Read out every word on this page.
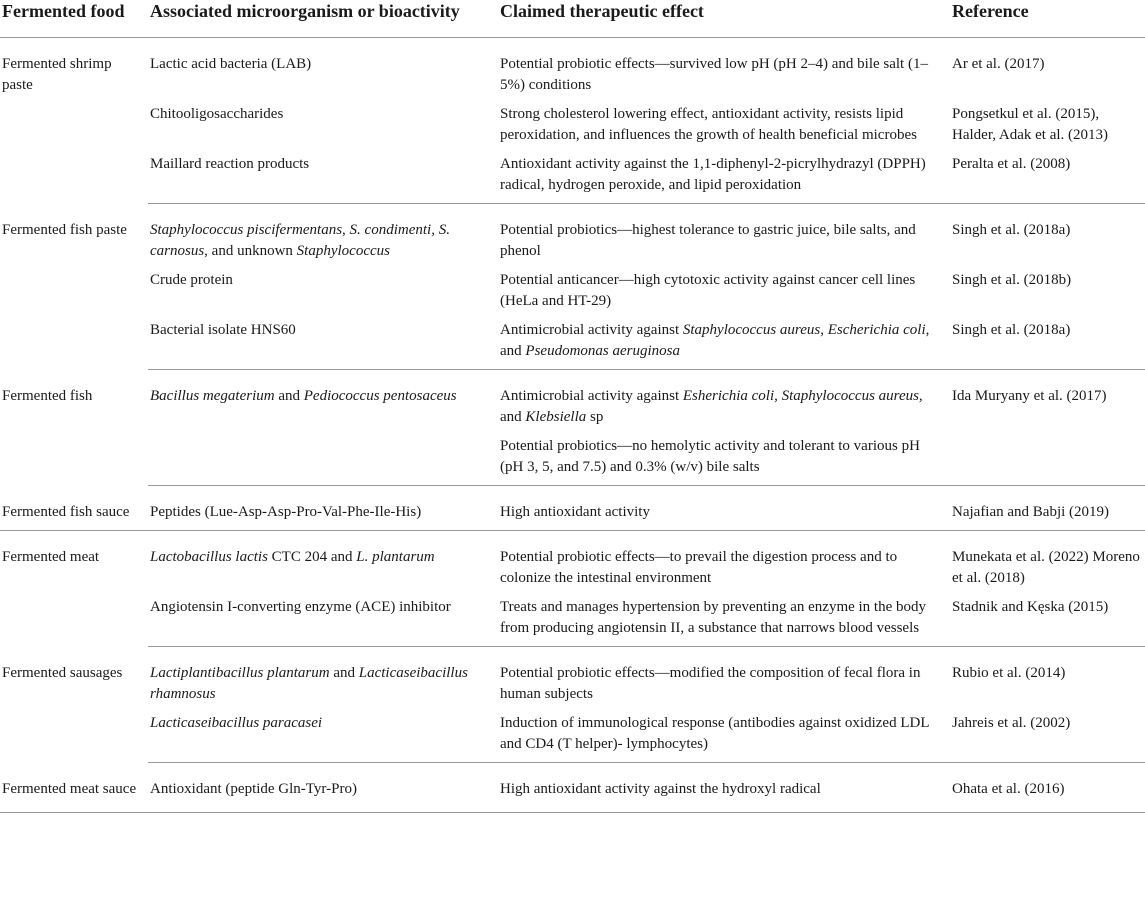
Fermented food	Associated microorganism or bioactivity	Claimed therapeutic effect	Reference
Fermented shrimp paste	Lactic acid bacteria (LAB)	Potential probiotic effects—survived low pH (pH 2–4) and bile salt (1–5%) conditions	Ar et al. (2017)
	Chitooligosaccharides	Strong cholesterol lowering effect, antioxidant activity, resists lipid peroxidation, and influences the growth of health beneficial microbes	Pongsetkul et al. (2015), Halder, Adak et al. (2013)
	Maillard reaction products	Antioxidant activity against the 1,1-diphenyl-2-picrylhydrazyl (DPPH) radical, hydrogen peroxide, and lipid peroxidation	Peralta et al. (2008)
Fermented fish paste	Staphylococcus piscifermentans, S. condimenti, S. carnosus, and unknown Staphylococcus	Potential probiotics—highest tolerance to gastric juice, bile salts, and phenol	Singh et al. (2018a)
	Crude protein	Potential anticancer—high cytotoxic activity against cancer cell lines (HeLa and HT-29)	Singh et al. (2018b)
	Bacterial isolate HNS60	Antimicrobial activity against Staphylococcus aureus, Escherichia coli, and Pseudomonas aeruginosa	Singh et al. (2018a)
Fermented fish	Bacillus megaterium and Pediococcus pentosaceus	Antimicrobial activity against Esherichia coli, Staphylococcus aureus, and Klebsiella sp	Ida Muryany et al. (2017)
		Potential probiotics—no hemolytic activity and tolerant to various pH (pH 3, 5, and 7.5) and 0.3% (w/v) bile salts	
Fermented fish sauce	Peptides (Lue-Asp-Asp-Pro-Val-Phe-Ile-His)	High antioxidant activity	Najafian and Babji (2019)
Fermented meat	Lactobacillus lactis CTC 204 and L. plantarum	Potential probiotic effects—to prevail the digestion process and to colonize the intestinal environment	Munekata et al. (2022) Moreno et al. (2018)
	Angiotensin I-converting enzyme (ACE) inhibitor	Treats and manages hypertension by preventing an enzyme in the body from producing angiotensin II, a substance that narrows blood vessels	Stadnik and Kęska (2015)
Fermented sausages	Lactiplantibacillus plantarum and Lacticaseibacillus rhamnosus	Potential probiotic effects—modified the composition of fecal flora in human subjects	Rubio et al. (2014)
	Lacticaseibacillus paracasei	Induction of immunological response (antibodies against oxidized LDL and CD4 (T helper)- lymphocytes)	Jahreis et al. (2002)
Fermented meat sauce	Antioxidant (peptide Gln-Tyr-Pro)	High antioxidant activity against the hydroxyl radical	Ohata et al. (2016)
